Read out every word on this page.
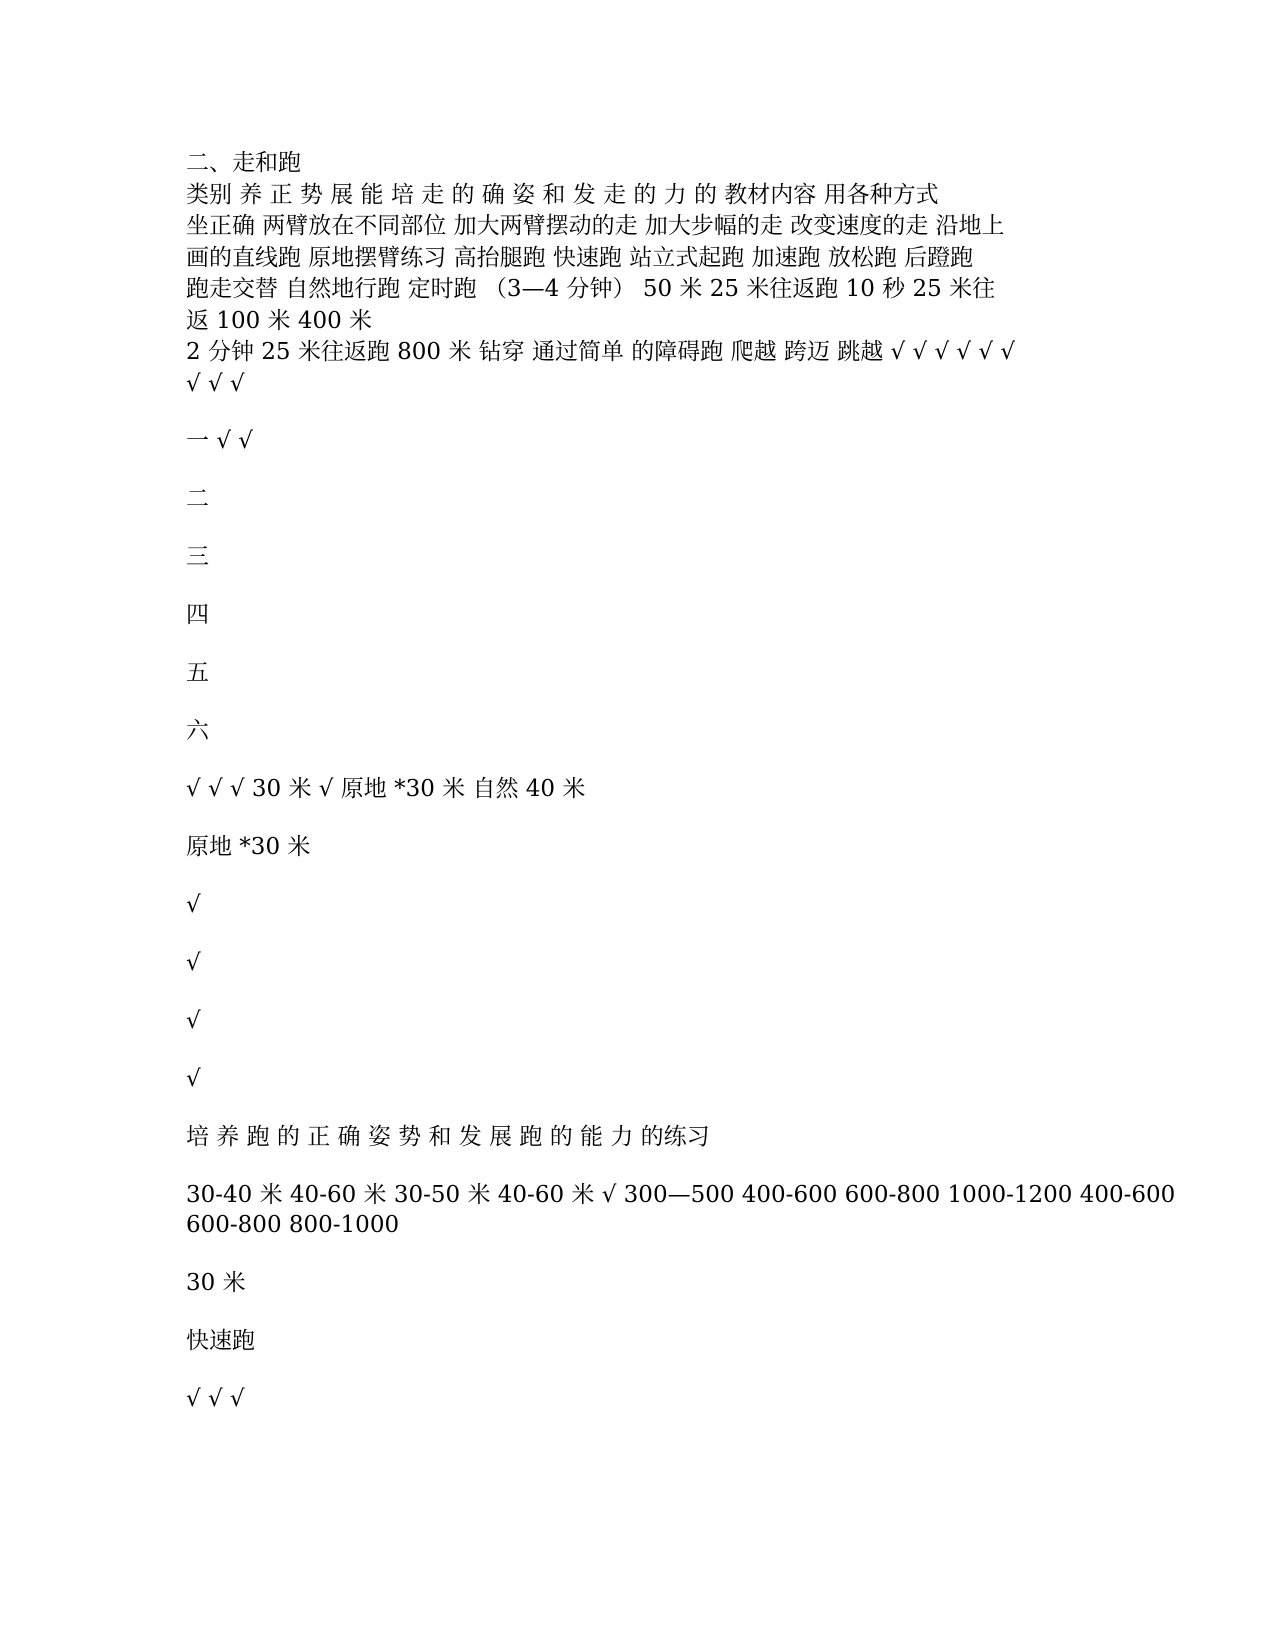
二、走和跑

类别 养 正 势 展 能 培 走 的 确 姿 和 发 走 的 力 的 教材内容 用各种方式

坐正确 两臂放在不同部位 加大两臂摆动的走 加大步幅的走 改变速度的走 沿地上

画的直线跑 原地摆臂练习 高抬腿跑 快速跑 站立式起跑 加速跑 放松跑 后蹬跑

跑走交替 自然地行跑 定时跑 （3—4 分钟） 50 米 25 米往返跑 10 秒 25 米往

返 100 米 400 米

2 分钟 25 米往返跑 800 米 钻穿 通过简单 的障碍跑 爬越 跨迈 跳越 √ √ √ √ √ √

√ √ √

一 √ √

二

三

四

五

六

√ √ √ 30 米 √ 原地 *30 米 自然 40 米

原地 *30 米

√

√

√

√

培 养 跑 的 正 确 姿 势 和 发 展 跑 的 能 力 的练习

30-40 米 40-60 米 30-50 米 40-60 米 √ 300—500 400-600 600-800 1000-1200 400-600

600-800 800-1000

30 米

快速跑

√ √ √
